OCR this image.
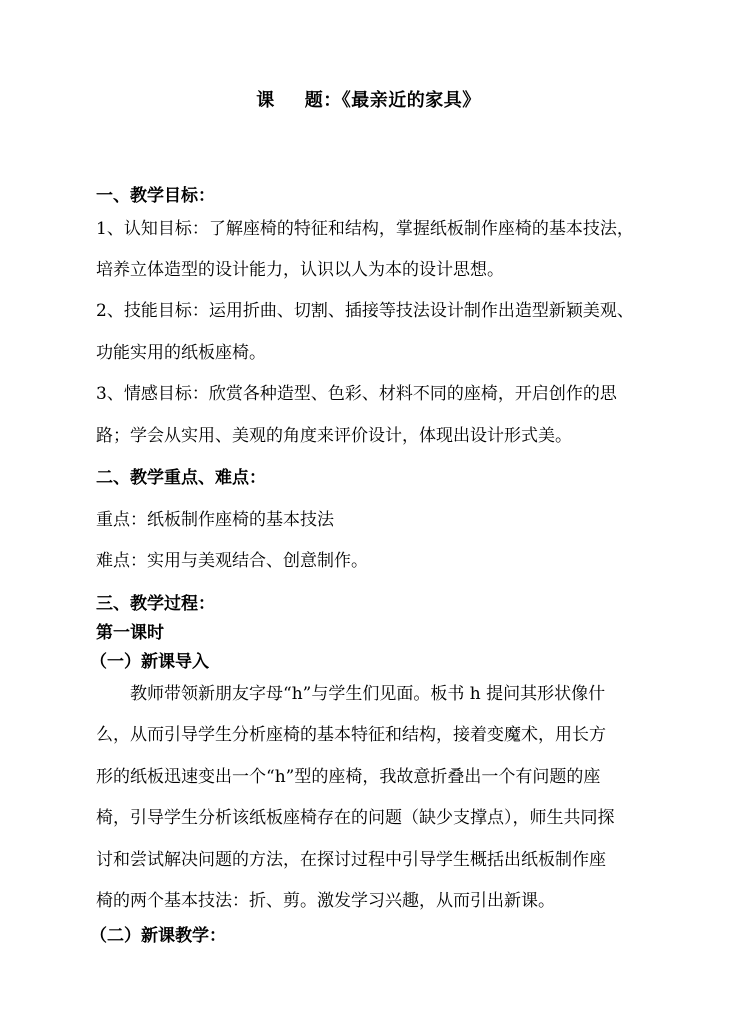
课 题：《最亲近的家具》
一、教学目标：
1、认知目标：了解座椅的特征和结构，掌握纸板制作座椅的基本技法，
培养立体造型的设计能力，认识以人为本的设计思想。
2、技能目标：运用折曲、切割、插接等技法设计制作出造型新颖美观、
功能实用的纸板座椅。
3、情感目标：欣赏各种造型、色彩、材料不同的座椅，开启创作的思
路；学会从实用、美观的角度来评价设计，体现出设计形式美。
二、教学重点、难点：
重点：纸板制作座椅的基本技法
难点：实用与美观结合、创意制作。
三、教学过程：
第一课时
（一）新课导入
　　教师带领新朋友字母“h”与学生们见面。板书 h 提问其形状像什
么，从而引导学生分析座椅的基本特征和结构，接着变魔术，用长方
形的纸板迅速变出一个“h”型的座椅，我故意折叠出一个有问题的座
椅，引导学生分析该纸板座椅存在的问题（缺少支撑点），师生共同探
讨和尝试解决问题的方法，在探讨过程中引导学生概括出纸板制作座
椅的两个基本技法：折、剪。激发学习兴趣，从而引出新课。
（二）新课教学：
